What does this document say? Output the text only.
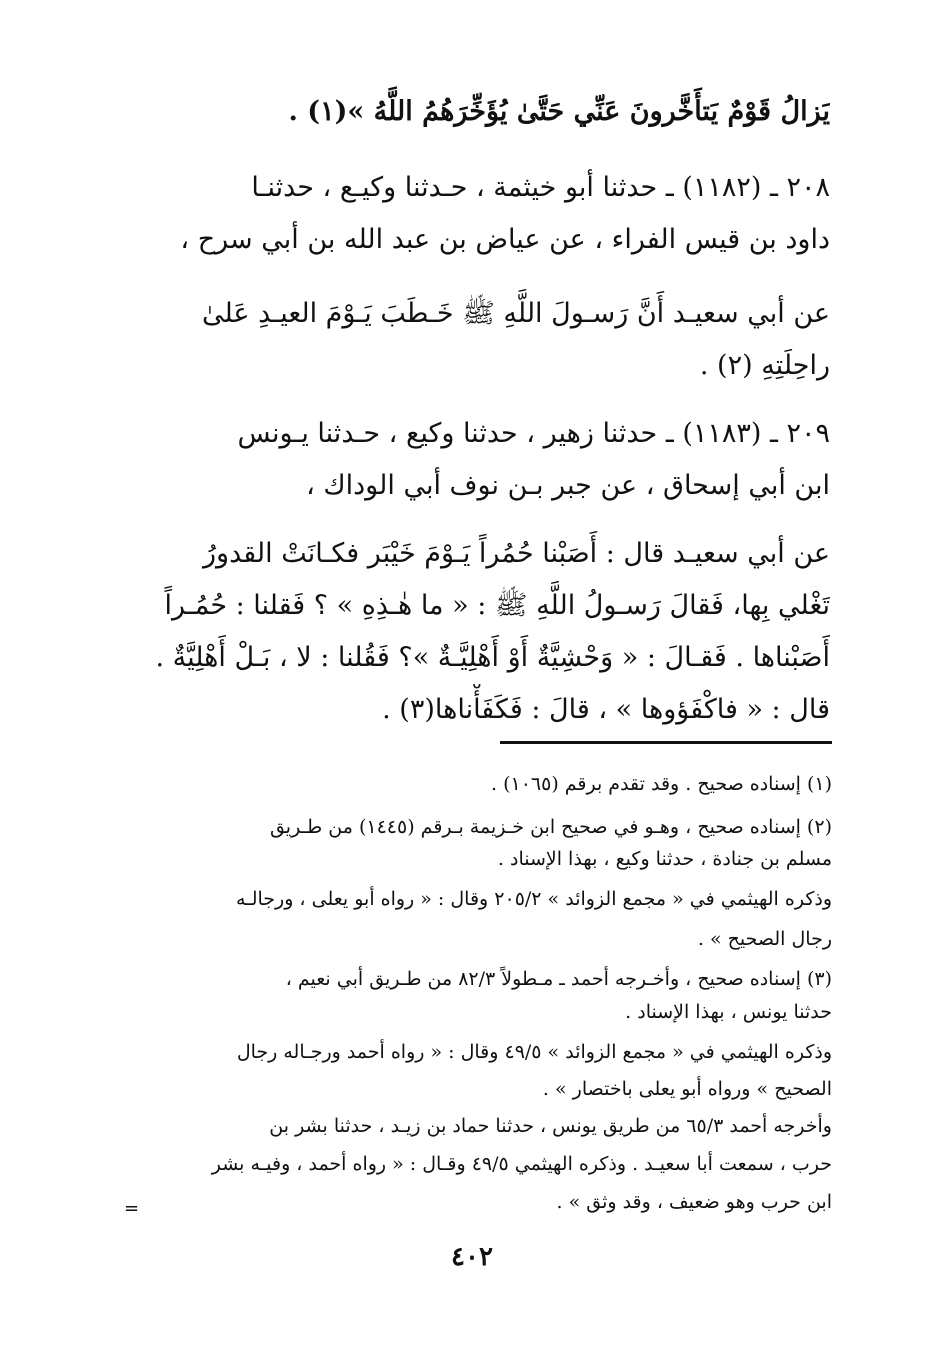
يَزالُ قَوْمٌ يَتأَخَّرونَ عَنِّي حَتَّىٰ يُؤَخِّرَهُمُ اللَّهُ »(١) .
٢٠٨ ـ (١١٨٢) ـ حدثنا أبو خيثمة ، حـدثنا وكيـع ، حدثنـا
داود بن قيس الفراء ، عن عياض بن عبد الله بن أبي سرح ،
عن أبي سعيـد أَنَّ رَسـولَ اللَّهِ ﷺ خَـطَبَ يَـوْمَ العيـدِ عَلىٰ
راحِلَتِهِ (٢) .
٢٠٩ ـ (١١٨٣) ـ حدثنا زهير ، حدثنا وكيع ، حـدثنا يـونس
ابن أبي إسحاق ، عن جبر بـن نوف أبي الوداك ،
عن أبي سعيـد قال : أَصَبْنا حُمُراً يَـوْمَ خَيْبَر فكـانَتْ القدورُ
تَغْلي بِها، فَقالَ رَسـولُ اللَّهِ ﷺ : « ما هٰـذِهِ » ؟ فَقلنا : حُمُـراً
أَصَبْناها . فَقـالَ : « وَحْشِيَّةٌ أَوْ أَهْلِيَّـةٌ »؟ فَقُلنا : لا ، بَـلْ أَهْلِيَّةٌ .
قال : « فاكْفَؤوها » ، قالَ : فَكَفَأْناها(٣) .
(١) إسناده صحيح . وقد تقدم برقم (١٠٦٥) .
(٢) إسناده صحيح ، وهـو في صحيح ابن خـزيمة بـرقم (١٤٤٥) من طـريق
مسلم بن جنادة ، حدثنا وكيع ، بهذا الإسناد .
وذكره الهيثمي في « مجمع الزوائد » ٢٠٥/٢ وقال : « رواه أبو يعلى ، ورجالـه
رجال الصحيح » .
(٣) إسناده صحيح ، وأخـرجه أحمد ـ مـطولاً ٨٢/٣ من طـريق أبي نعيم ،
حدثنا يونس ، بهذا الإسناد .
وذكره الهيثمي في « مجمع الزوائد » ٤٩/٥ وقال : « رواه أحمد ورجـاله رجال
الصحيح » ورواه أبو يعلى باختصار » .
وأخرجه أحمد ٦٥/٣ من طريق يونس ، حدثنا حماد بن زيـد ، حدثنا بشر بن
حرب ، سمعت أبا سعيـد . وذكره الهيثمي ٤٩/٥ وقـال : « رواه أحمد ، وفيـه بشر
ابن حرب وهو ضعيف ، وقد وثق » .
=
٤٠٢
